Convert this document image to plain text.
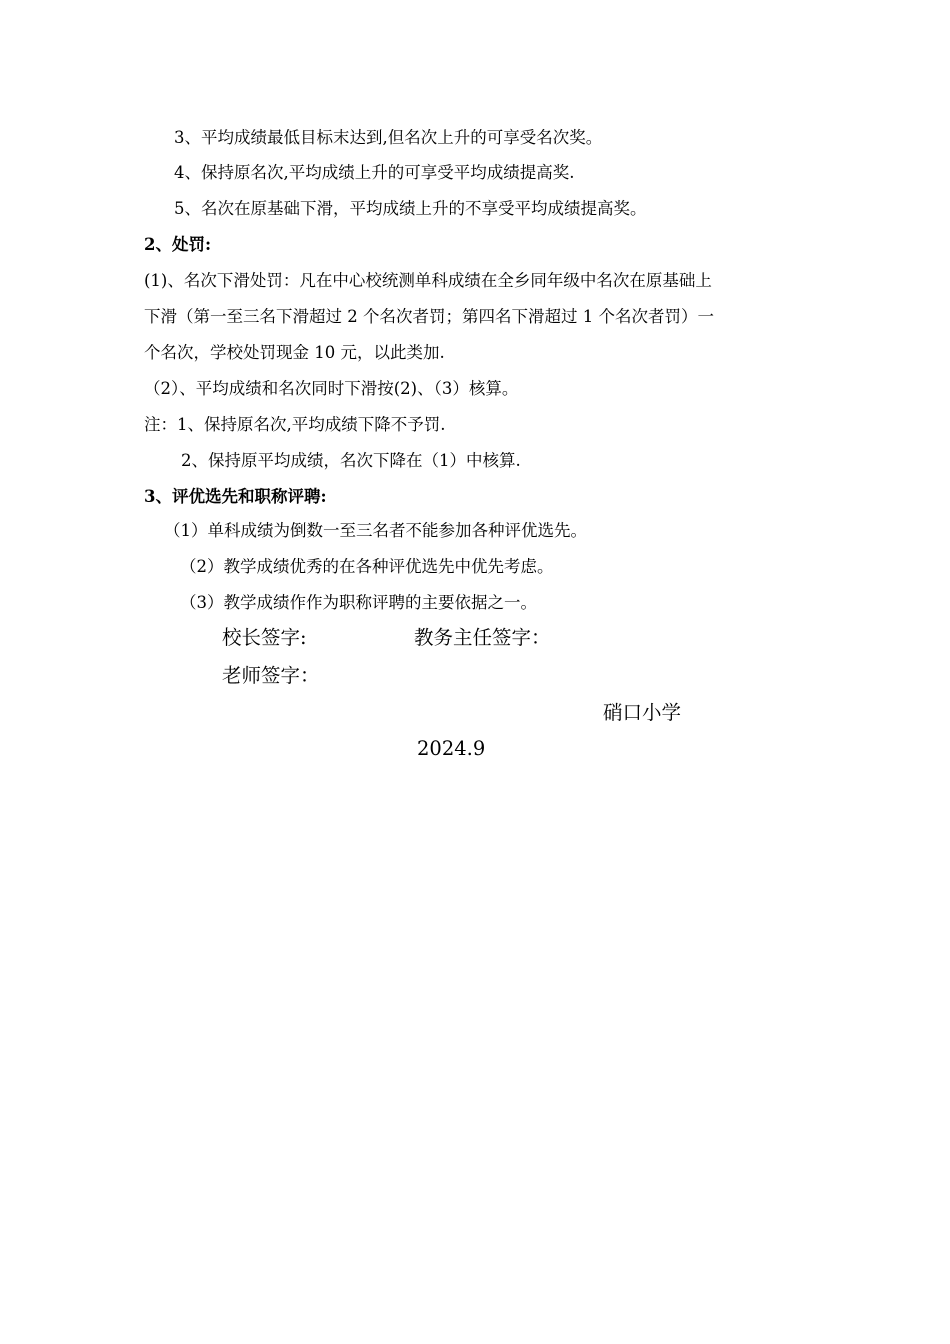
3、平均成绩最低目标末达到,但名次上升的可享受名次奖。
4、保持原名次,平均成绩上升的可享受平均成绩提高奖.
5、名次在原基础下滑，平均成绩上升的不享受平均成绩提高奖。
2、处罚:
(1)、名次下滑处罚：凡在中心校统测单科成绩在全乡同年级中名次在原基础上
下滑（第一至三名下滑超过 2 个名次者罚；第四名下滑超过 1 个名次者罚）一
个名次，学校处罚现金 10 元，以此类加.
（2）、平均成绩和名次同时下滑按(2)、（3）核算。
注：1、保持原名次,平均成绩下降不予罚.
2、保持原平均成绩，名次下降在（1）中核算.
3、评优选先和职称评聘:
（1）单科成绩为倒数一至三名者不能参加各种评优选先。
（2）教学成绩优秀的在各种评优选先中优先考虑。
（3）教学成绩作作为职称评聘的主要依据之一。
校长签字:	教务主任签字：
老师签字：
硝口小学
2024.9
